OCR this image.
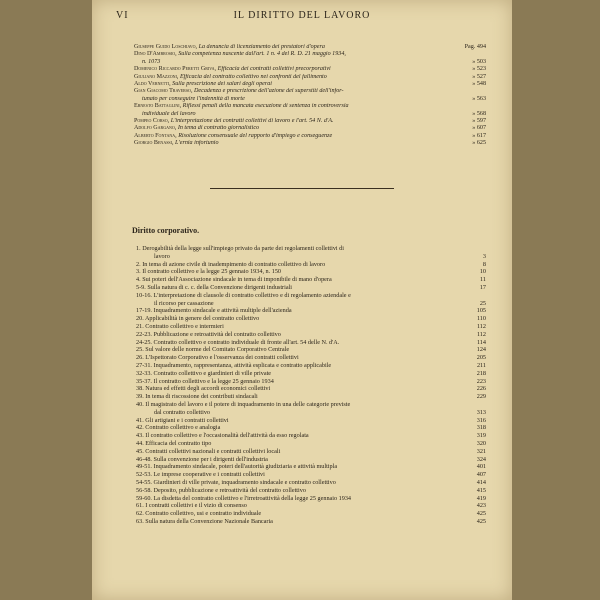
VI	IL DIRITTO DEL LAVORO
Giuseppe Guido Loschiavo, La denuncia di licenziamento dei prestatori d'opera	Pag. 494
Dino D'Ambrosio, Sulla competenza nascente dall'art. 1 n. 4 del R. D. 21 maggio 1934,
n. 1073	» 503
Domenico Riccardo Peretti Griva, Efficacia dei contratti collettivi precorporativi	» 523
Giuliano Mazzoni, Efficacia del contratto collettivo nei confronti del fallimento	» 527
Aldo Vernetti, Sulla prescrizione dei salari degli operai	» 548
Gian Giacomo Traverso, Decadenza e prescrizione dell'azione dei superstiti dell'infor-
tunato per conseguire l'indennità di morte	» 563
Ernesto Battaglini, Riflessi penali della mancata esecuzione di sentenza in controversia
individuale del lavoro	» 568
Pompeo Corso, L'interpretazione dei contratti collettivi di lavoro e l'art. 54 N. d'A.	» 597
Adolfo Gargano, In tema di contratto giornalistico	» 607
Alberto Fontana, Risoluzione consensuale del rapporto d'impiego e conseguenze	» 617
Giorgio Benassi, L'ernia infortunio	» 625
Diritto corporativo.
1. Derogabilità della legge sull'impiego privato da parte dei regolamenti collettivi di
lavoro	3
2. In tema di azione civile di inadempimento di contratto collettivo di lavoro	8
3. Il contratto collettivo e la legge 25 gennaio 1934, n. 150	10
4. Sui poteri dell'Associazione sindacale in tema di imponibile di mano d'opera	11
5-9. Sulla natura di c. c. della Convenzione dirigenti industriali	17
10-16. L'interpretazione di clausole di contratto collettivo e di regolamento aziendale e
il ricorso per cassazione	25
17-19. Inquadramento sindacale e attività multiple dell'azienda	105
20. Applicabilità in genere del contratto collettivo	110
21. Contratto collettivo e intermieri	112
22-23. Pubblicazione e retroattività del contratto collettivo	112
24-25. Contratto collettivo e contratto individuale di fronte all'art. 54 delle N. d'A.	114
25. Sul valore delle norme del Comitato Corporativo Centrale	124
26. L'Ispettorato Corporativo e l'osservanza dei contratti collettivi	205
27-31. Inquadramento, rappresentanza, attività esplicata e contratto applicabile	211
32-33. Contratto collettivo e giardinieri di ville private	218
35-37. Il contratto collettivo e la legge 25 gennaio 1934	223
38. Natura ed effetti degli accordi economici collettivi	226
39. In tema di riscossione dei contributi sindacali	229
40. Il magistrato del lavoro e il potere di inquadramento in una delle categorie previste
dal contratto collettivo	313
41. Gli artigiani e i contratti collettivi	316
42. Contratto collettivo e analogia	318
43. Il contratto collettivo e l'occasionalità dell'attività da esso regolata	319
44. Efficacia del contratto tipo	320
45. Contratti collettivi nazionali e contratti collettivi locali	321
46-48. Sulla convenzione per i dirigenti dell'industria	324
49-51. Inquadramento sindacale, poteri dell'autorità giudiziaria e attività multipla	401
52-53. Le imprese cooperative e i contratti collettivi	407
54-55. Giardinieri di ville private, inquadramento sindacale e contratto collettivo	414
56-58. Deposito, pubblicazione e retroattività del contratto collettivo	415
59-60. La disdetta del contratto collettivo e l'irretroattività della legge 25 gennaio 1934	419
61. I contratti collettivi e il vizio di consenso	423
62. Contratto collettivo, usi e contratto individuale	425
63. Sulla natura della Convenzione Nazionale Bancaria	425
